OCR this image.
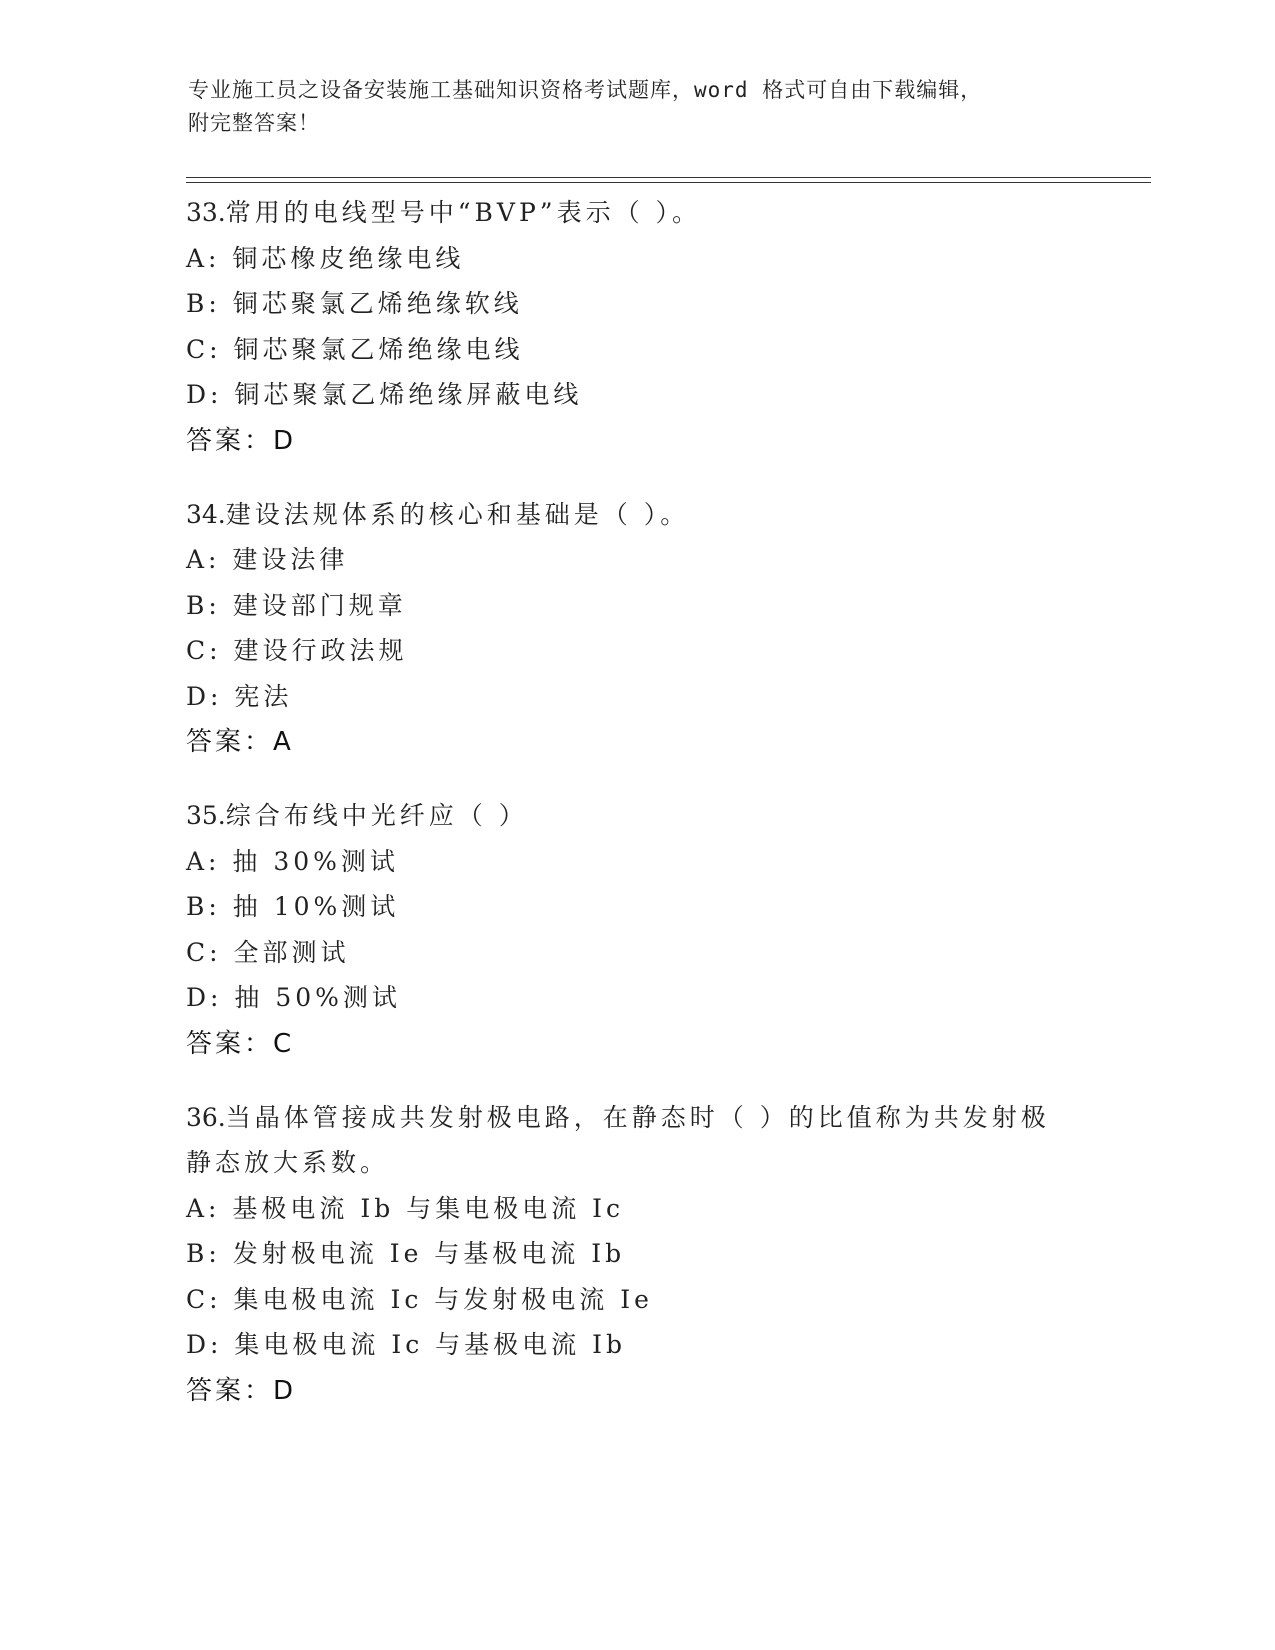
专业施工员之设备安装施工基础知识资格考试题库，word 格式可自由下载编辑，
附完整答案！
33.常用的电线型号中“BVP”表示（ ）。
A: 铜芯橡皮绝缘电线
B: 铜芯聚氯乙烯绝缘软线
C: 铜芯聚氯乙烯绝缘电线
D: 铜芯聚氯乙烯绝缘屏蔽电线
答案：D
34.建设法规体系的核心和基础是（ ）。
A: 建设法律
B: 建设部门规章
C: 建设行政法规
D: 宪法
答案：A
35.综合布线中光纤应（ ）
A: 抽 30%测试
B: 抽 10%测试
C: 全部测试
D: 抽 50%测试
答案：C
36.当晶体管接成共发射极电路，在静态时（ ）的比值称为共发射极
静态放大系数。
A: 基极电流 Ib 与集电极电流 Ic
B: 发射极电流 Ie 与基极电流 Ib
C: 集电极电流 Ic 与发射极电流 Ie
D: 集电极电流 Ic 与基极电流 Ib
答案：D
